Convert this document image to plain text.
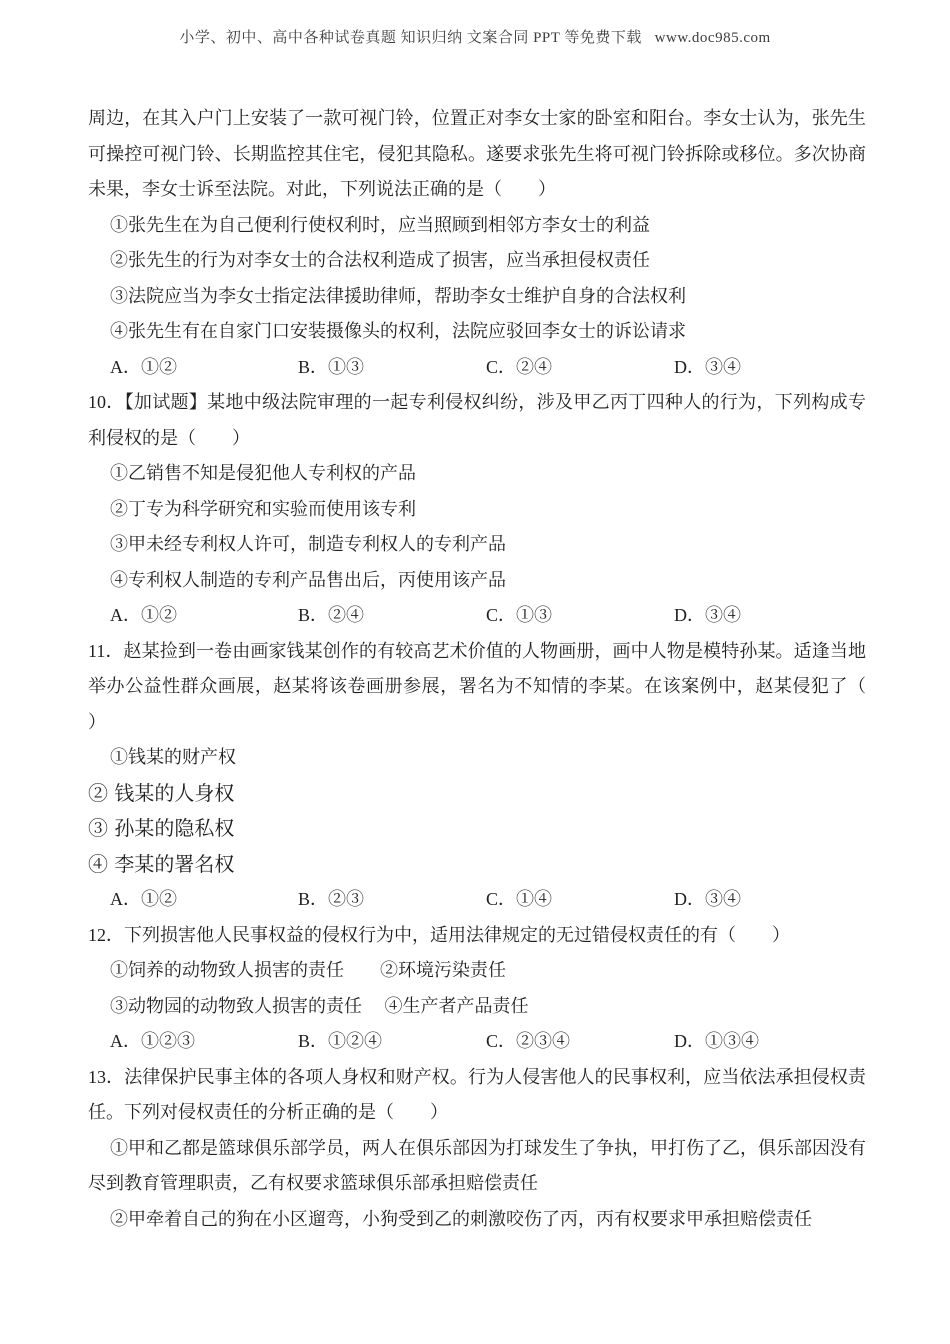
小学、初中、高中各种试卷真题 知识归纳 文案合同 PPT 等免费下载   www.doc985.com
周边，在其入户门上安装了一款可视门铃，位置正对李女士家的卧室和阳台。李女士认为，张先生
可操控可视门铃、长期监控其住宅，侵犯其隐私。遂要求张先生将可视门铃拆除或移位。多次协商
未果，李女士诉至法院。对此，下列说法正确的是（　　）
①张先生在为自己便利行使权利时，应当照顾到相邻方李女士的利益
②张先生的行为对李女士的合法权利造成了损害，应当承担侵权责任
③法院应当为李女士指定法律援助律师，帮助李女士维护自身的合法权利
④张先生有在自家门口安装摄像头的权利，法院应驳回李女士的诉讼请求
A．①②	B．①③	C．②④	D．③④
10．【加试题】某地中级法院审理的一起专利侵权纠纷，涉及甲乙丙丁四种人的行为，下列构成专
利侵权的是（　　）
①乙销售不知是侵犯他人专利权的产品
②丁专为科学研究和实验而使用该专利
③甲未经专利权人许可，制造专利权人的专利产品
④专利权人制造的专利产品售出后，丙使用该产品
A．①②	B．②④	C．①③	D．③④
11．赵某捡到一卷由画家钱某创作的有较高艺术价值的人物画册，画中人物是模特孙某。适逢当地
举办公益性群众画展，赵某将该卷画册参展，署名为不知情的李某。在该案例中，赵某侵犯了（
）
①钱某的财产权
② 钱某的人身权
③ 孙某的隐私权
④ 李某的署名权
A．①②	B．②③	C．①④	D．③④
12．下列损害他人民事权益的侵权行为中，适用法律规定的无过错侵权责任的有（　　）
①饲养的动物致人损害的责任　　②环境污染责任
③动物园的动物致人损害的责任　 ④生产者产品责任
A．①②③	B．①②④	C．②③④	D．①③④
13．法律保护民事主体的各项人身权和财产权。行为人侵害他人的民事权利，应当依法承担侵权责
任。下列对侵权责任的分析正确的是（　　）
①甲和乙都是篮球俱乐部学员，两人在俱乐部因为打球发生了争执，甲打伤了乙，俱乐部因没有
尽到教育管理职责，乙有权要求篮球俱乐部承担赔偿责任
②甲牵着自己的狗在小区遛弯，小狗受到乙的刺激咬伤了丙，丙有权要求甲承担赔偿责任
